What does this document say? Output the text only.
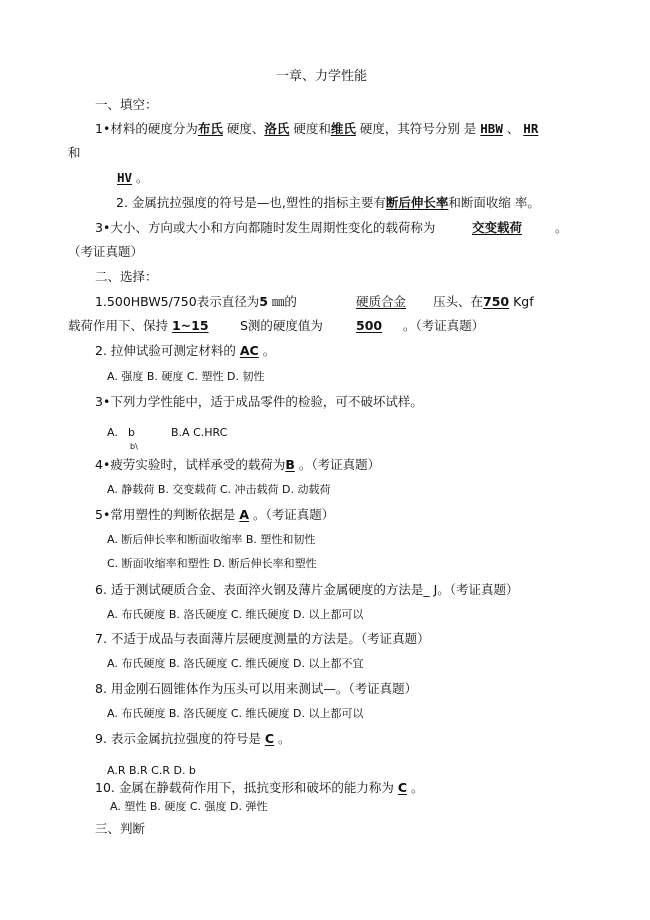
一章、力学性能
一、填空：
1•材料的硬度分为布氏 硬度、洛氏 硬度和维氏 硬度，其符号分别 是 HBW 、 HR
和
HV 。
2. 金属抗拉强度的符号是—也,塑性的指标主要有断后伸长率和断面收缩 率。
3•大小、方向或大小和方向都随时发生周期性变化的载荷称为	交变载荷	。
（考证真题）
二、选择：
1.500HBW5/750表示直径为5 ㎜的	硬质合金 压头、在750 Kgf
载荷作用下、保持 1~15	S测的硬度值为	500 。（考证真题）
2. 拉伸试验可测定材料的 AC 。
A. 强度 B. 硬度 C. 塑性 D. 韧性
3•下列力学性能中，适于成品零件的检验，可不破坏试样。
A. b
b\
B.A C.HRC
4•疲劳实验时，试样承受的载荷为B 。（考证真题）
A. 静载荷 B. 交变载荷 C. 冲击载荷 D. 动载荷
5•常用塑性的判断依据是 A 。（考证真题）
A. 断后伸长率和断面收缩率 B. 塑性和韧性
C. 断面收缩率和塑性 D. 断后伸长率和塑性
6. 适于测试硬质合金、表面淬火钢及薄片金属硬度的方法是_ J。（考证真题）
A. 布氏硬度 B. 洛氏硬度 C. 维氏硬度 D. 以上都可以
7. 不适于成品与表面薄片层硬度测量的方法是。（考证真题）
A. 布氏硬度 B. 洛氏硬度 C. 维氏硬度 D. 以上都不宜
8. 用金刚石圆锥体作为压头可以用来测试—。（考证真题）
A. 布氏硬度 B. 洛氏硬度 C. 维氏硬度 D. 以上都可以
9. 表示金属抗拉强度的符号是 C 。
A.R B.R C.R D. b
10. 金属在静载荷作用下，抵抗变形和破坏的能力称为 C 。
A. 塑性 B. 硬度 C. 强度 D. 弹性
三、判断
